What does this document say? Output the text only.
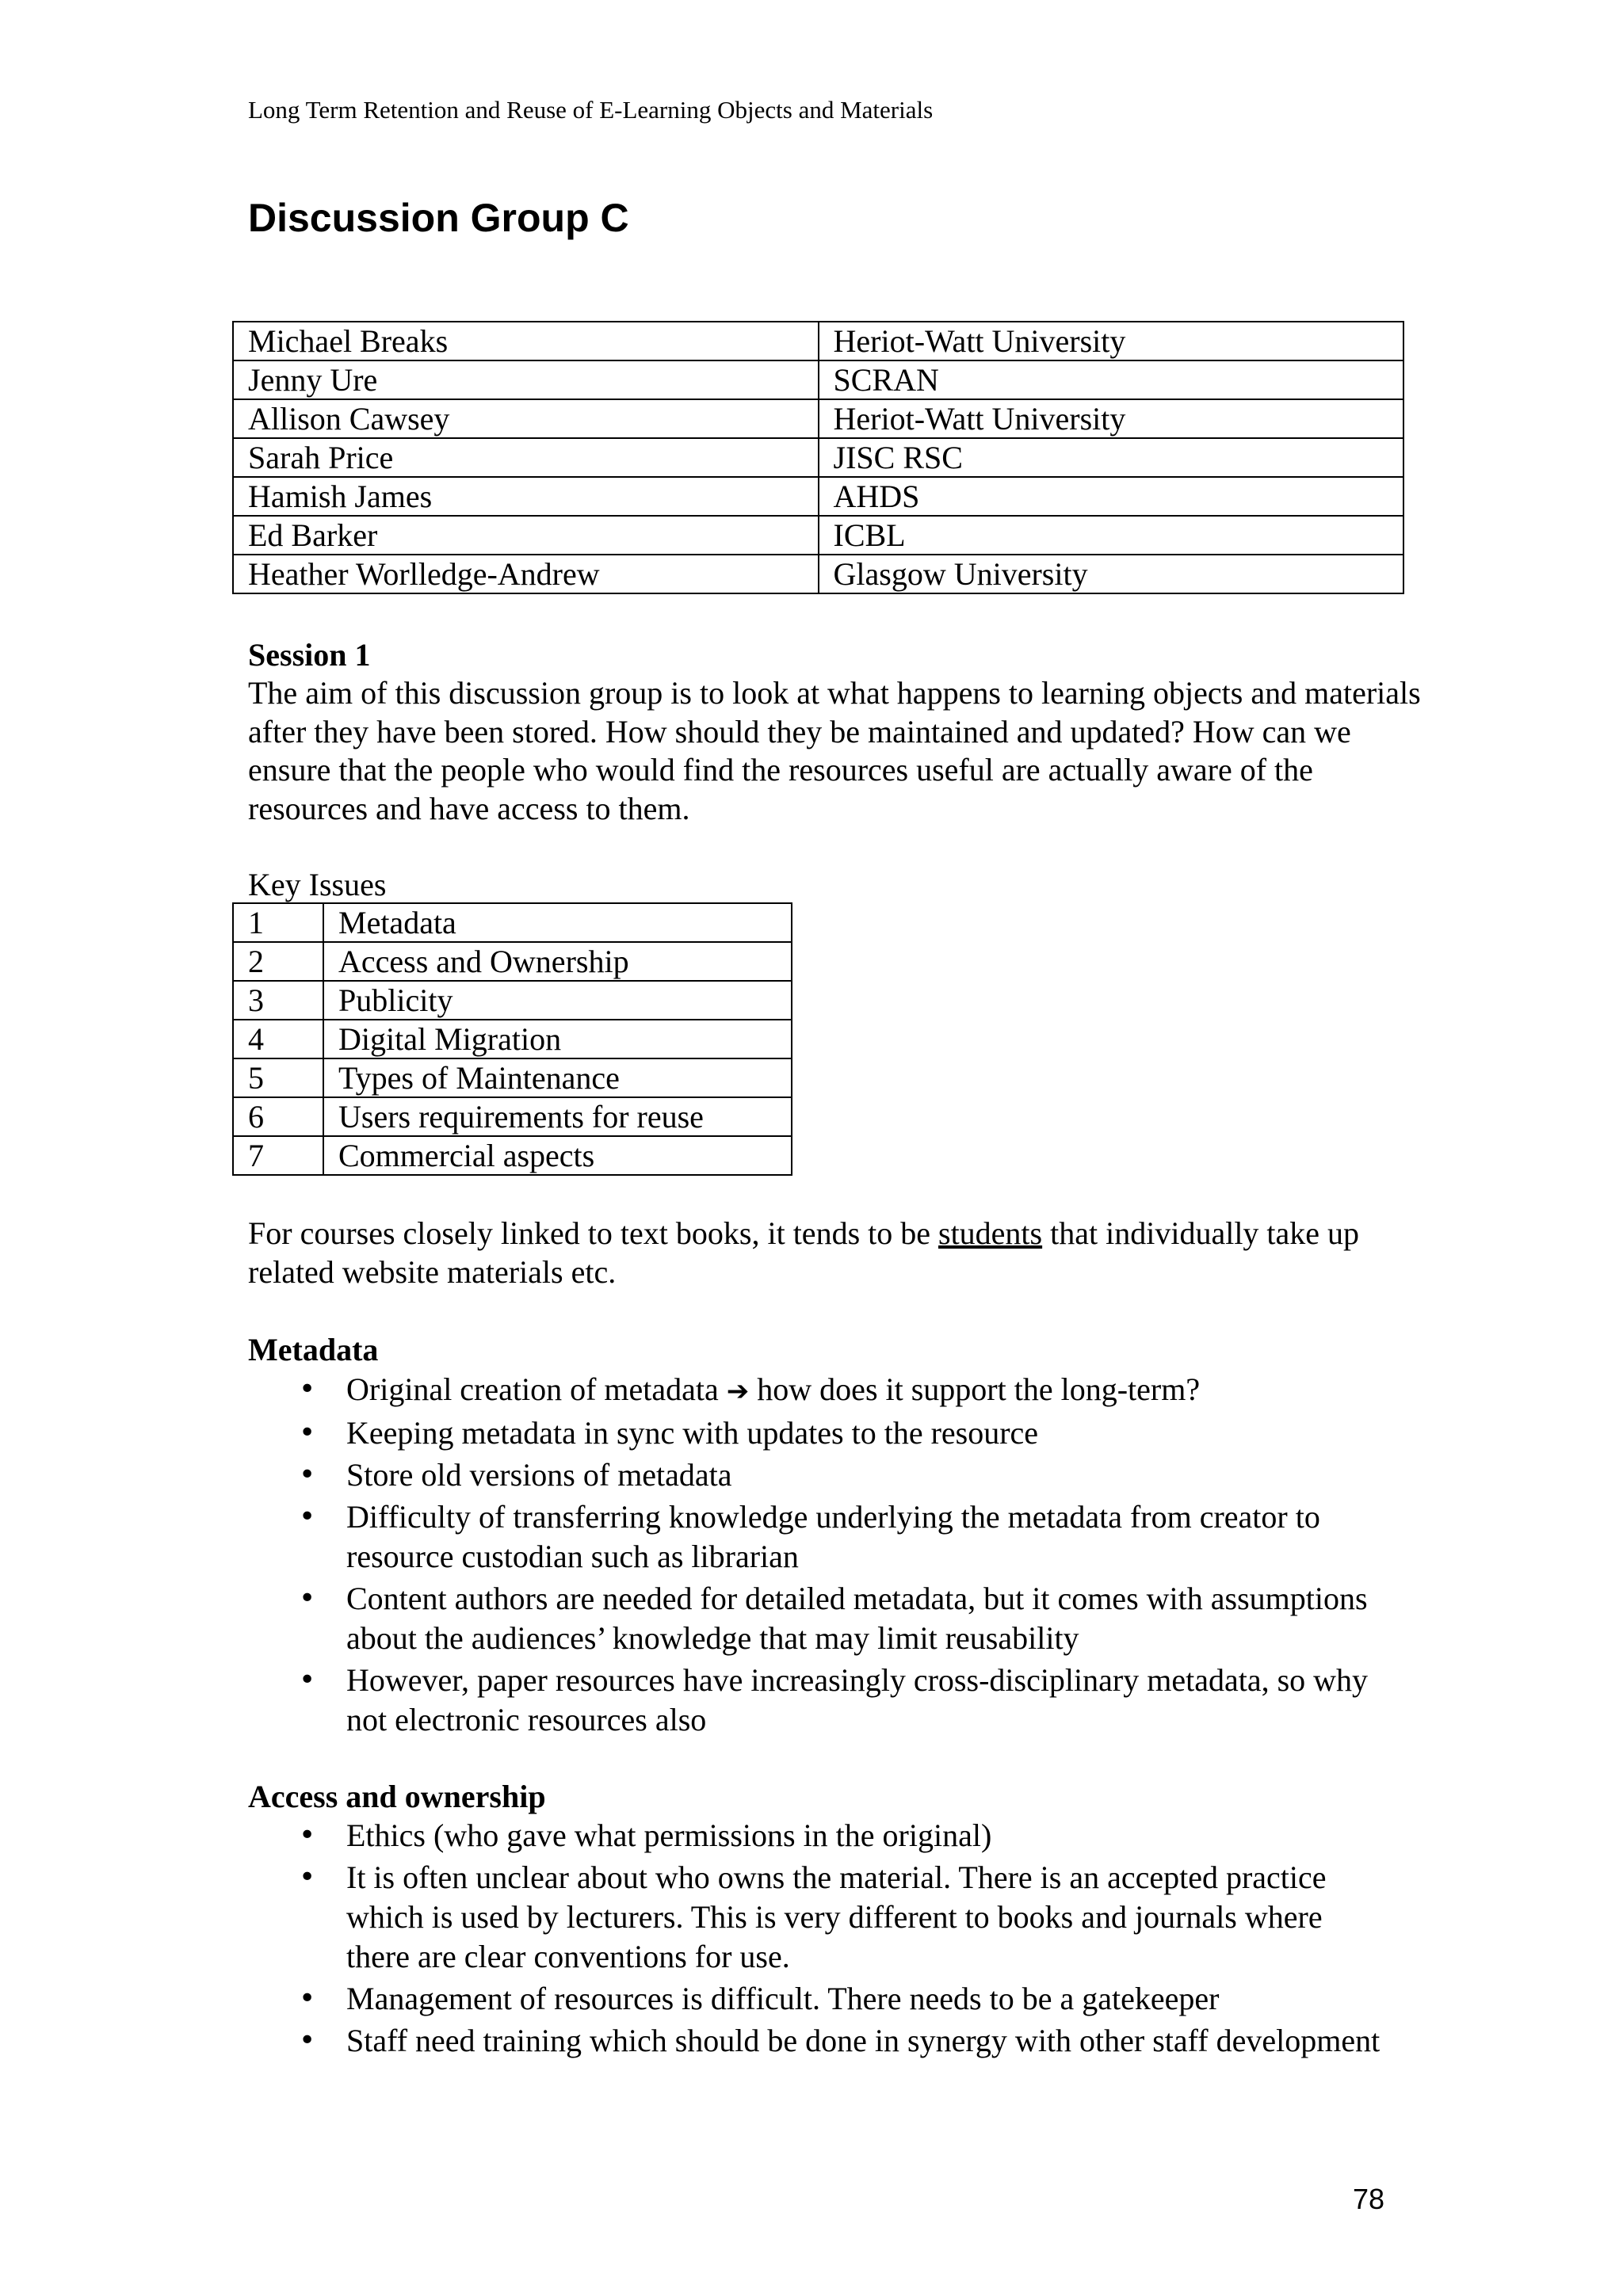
Long Term Retention and Reuse of E-Learning Objects and Materials
Discussion Group C
Michael Breaks	Heriot-Watt University
Jenny Ure	SCRAN
Allison Cawsey	Heriot-Watt University
Sarah Price	JISC RSC
Hamish James	AHDS
Ed Barker	ICBL
Heather Worlledge-Andrew	Glasgow University
Session 1

The aim of this discussion group is to look at what happens to learning objects and materials after they have been stored. How should they be maintained and updated? How can we ensure that the people who would find the resources useful are actually aware of the resources and have access to them.

Key Issues
1	Metadata
2	Access and Ownership
3	Publicity
4	Digital Migration
5	Types of Maintenance
6	Users requirements for reuse
7	Commercial aspects

For courses closely linked to text books, it tends to be students that individually take up related website materials etc.

Metadata
• Original creation of metadata ➔ how does it support the long-term?
• Keeping metadata in sync with updates to the resource
• Store old versions of metadata
• Difficulty of transferring knowledge underlying the metadata from creator to resource custodian such as librarian
• Content authors are needed for detailed metadata, but it comes with assumptions about the audiences’ knowledge that may limit reusability
• However, paper resources have increasingly cross-disciplinary metadata, so why not electronic resources also
Access and ownership
• Ethics (who gave what permissions in the original)
• It is often unclear about who owns the material. There is an accepted practice which is used by lecturers. This is very different to books and journals where there are clear conventions for use.
• Management of resources is difficult. There needs to be a gatekeeper
• Staff need training which should be done in synergy with other staff development
78
